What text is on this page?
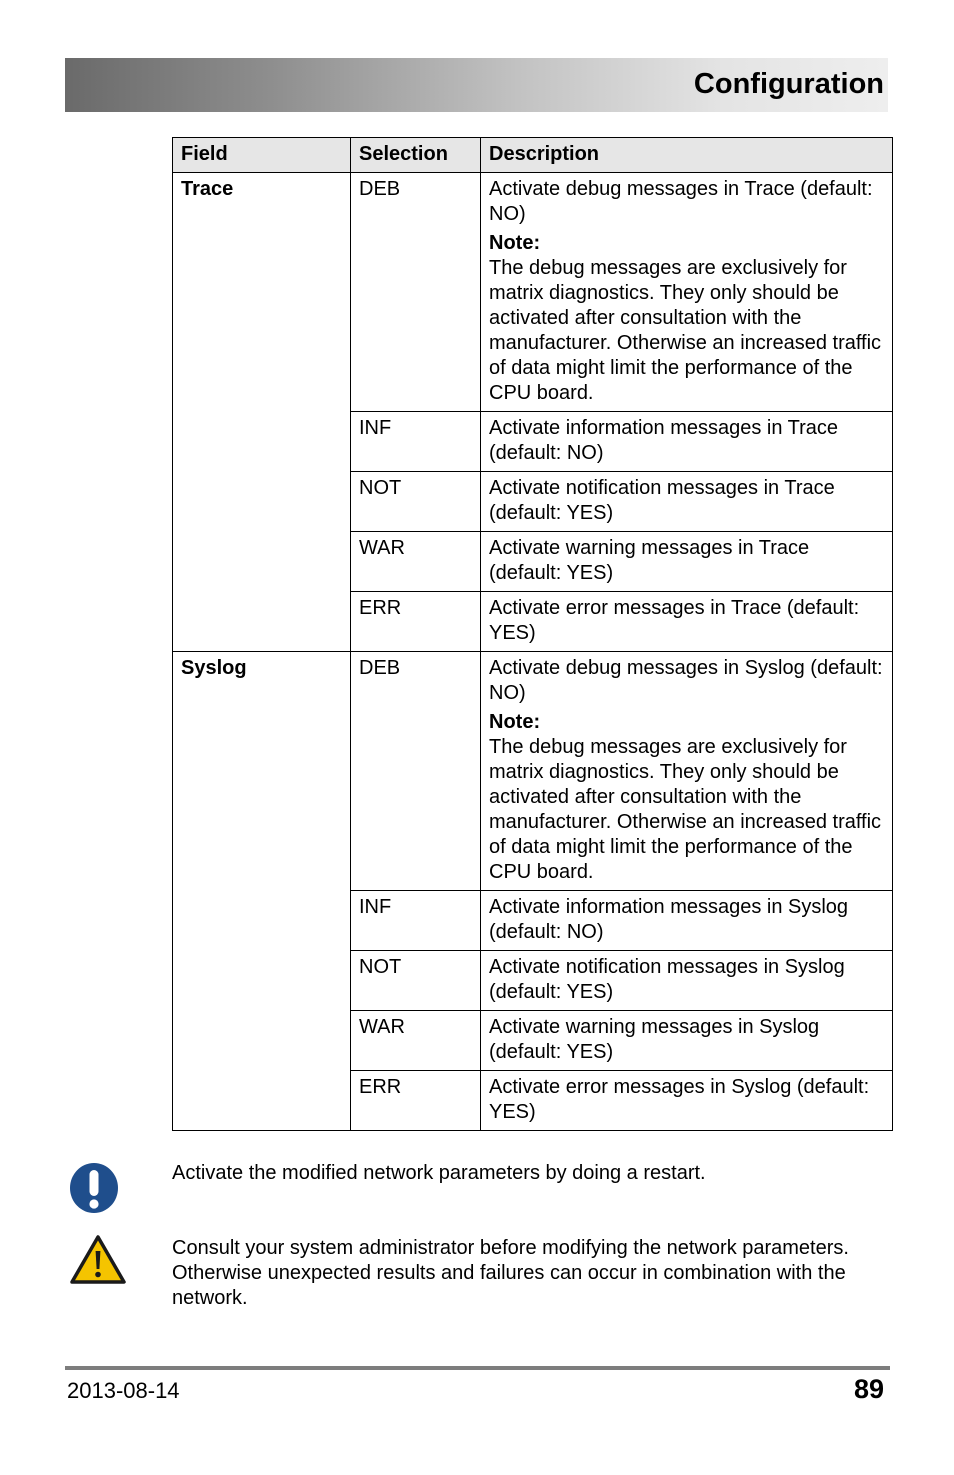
Configuration
Field	Selection	Description
Trace	DEB	Activate debug messages in Trace (default: NO)
Note:
The debug messages are exclusively for matrix diagnostics. They only should be activated after consultation with the manufacturer. Otherwise an increased traffic of data might limit the performance of the CPU board.

	INF	Activate information messages in Trace (default: NO)
	NOT	Activate notification messages in Trace (default: YES)
	WAR	Activate warning messages in Trace (default: YES)
	ERR	Activate error messages in Trace (default: YES)
Syslog	DEB	Activate debug messages in Syslog (default: NO)
Note:
The debug messages are exclusively for matrix diagnostics. They only should be activated after consultation with the manufacturer. Otherwise an increased traffic of data might limit the performance of the CPU board.

	INF	Activate information messages in Syslog (default: NO)
	NOT	Activate notification messages in Syslog (default: YES)
	WAR	Activate warning messages in Syslog (default: YES)
	ERR	Activate error messages in Syslog (default: YES)
Activate the modified network parameters by doing a restart.
Consult your system administrator before modifying the network parameters. Otherwise unexpected results and failures can occur in combination with the network.
2013-08-14	89
